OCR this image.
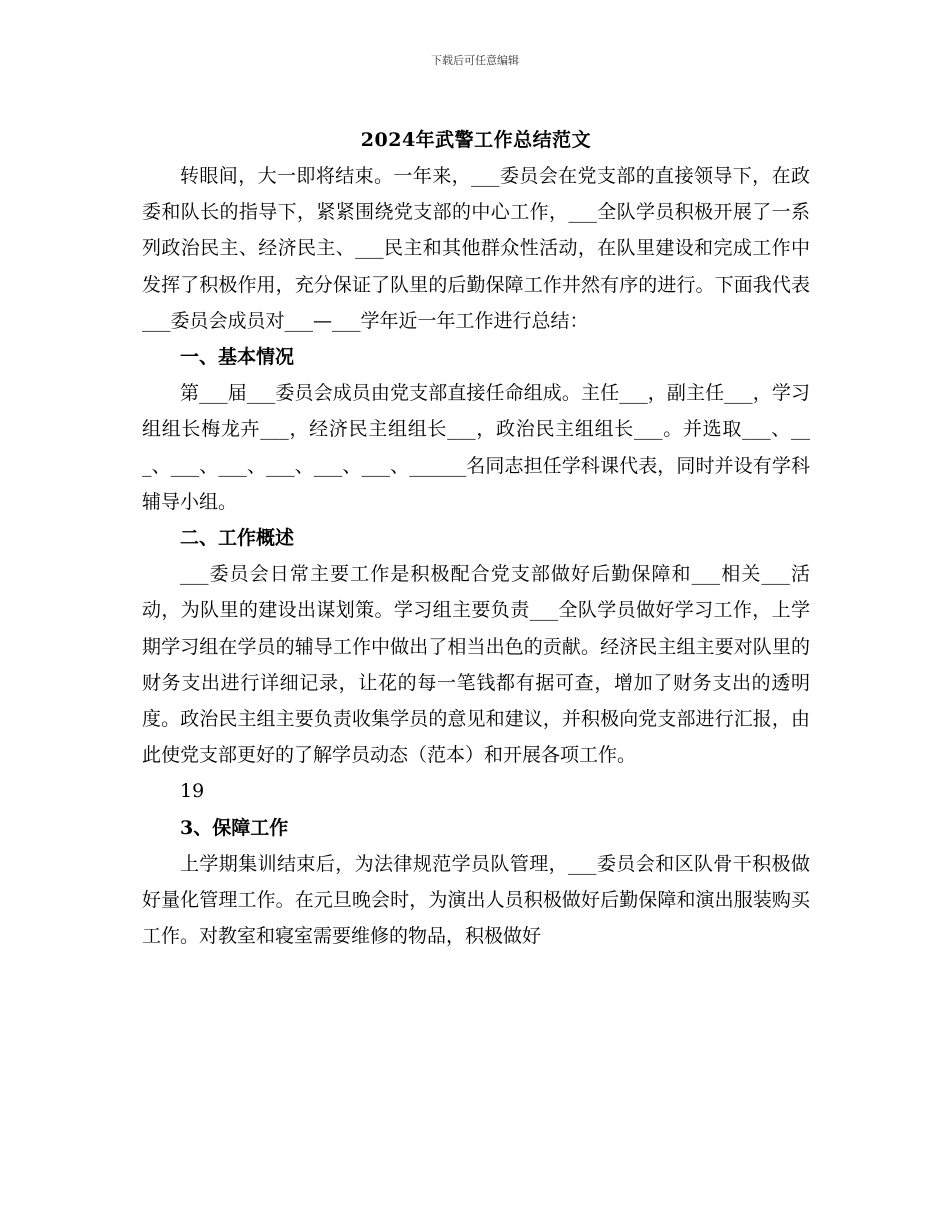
下载后可任意编辑
2024年武警工作总结范文

转眼间，大一即将结束。一年来，___委员会在党支部的直接领导下，在政委和队长的指导下，紧紧围绕党支部的中心工作，___全队学员积极开展了一系列政治民主、经济民主、___民主和其他群众性活动，在队里建设和完成工作中发挥了积极作用，充分保证了队里的后勤保障工作井然有序的进行。下面我代表___委员会成员对___—___学年近一年工作进行总结：

一、基本情况

第___届___委员会成员由党支部直接任命组成。主任___，副主任___，学习组组长梅龙卉___，经济民主组组长___，政治民主组组长___。并选取___、___、___、___、___、___、___、______名同志担任学科课代表，同时并设有学科辅导小组。

二、工作概述

___委员会日常主要工作是积极配合党支部做好后勤保障和___相关___活动，为队里的建设出谋划策。学习组主要负责___全队学员做好学习工作，上学期学习组在学员的辅导工作中做出了相当出色的贡献。经济民主组主要对队里的财务支出进行详细记录，让花的每一笔钱都有据可查，增加了财务支出的透明度。政治民主组主要负责收集学员的意见和建议，并积极向党支部进行汇报，由此使党支部更好的了解学员动态（范本）和开展各项工作。

19

3、保障工作

上学期集训结束后，为法律规范学员队管理，___委员会和区队骨干积极做好量化管理工作。在元旦晚会时，为演出人员积极做好后勤保障和演出服装购买工作。对教室和寝室需要维修的物品，积极做好
